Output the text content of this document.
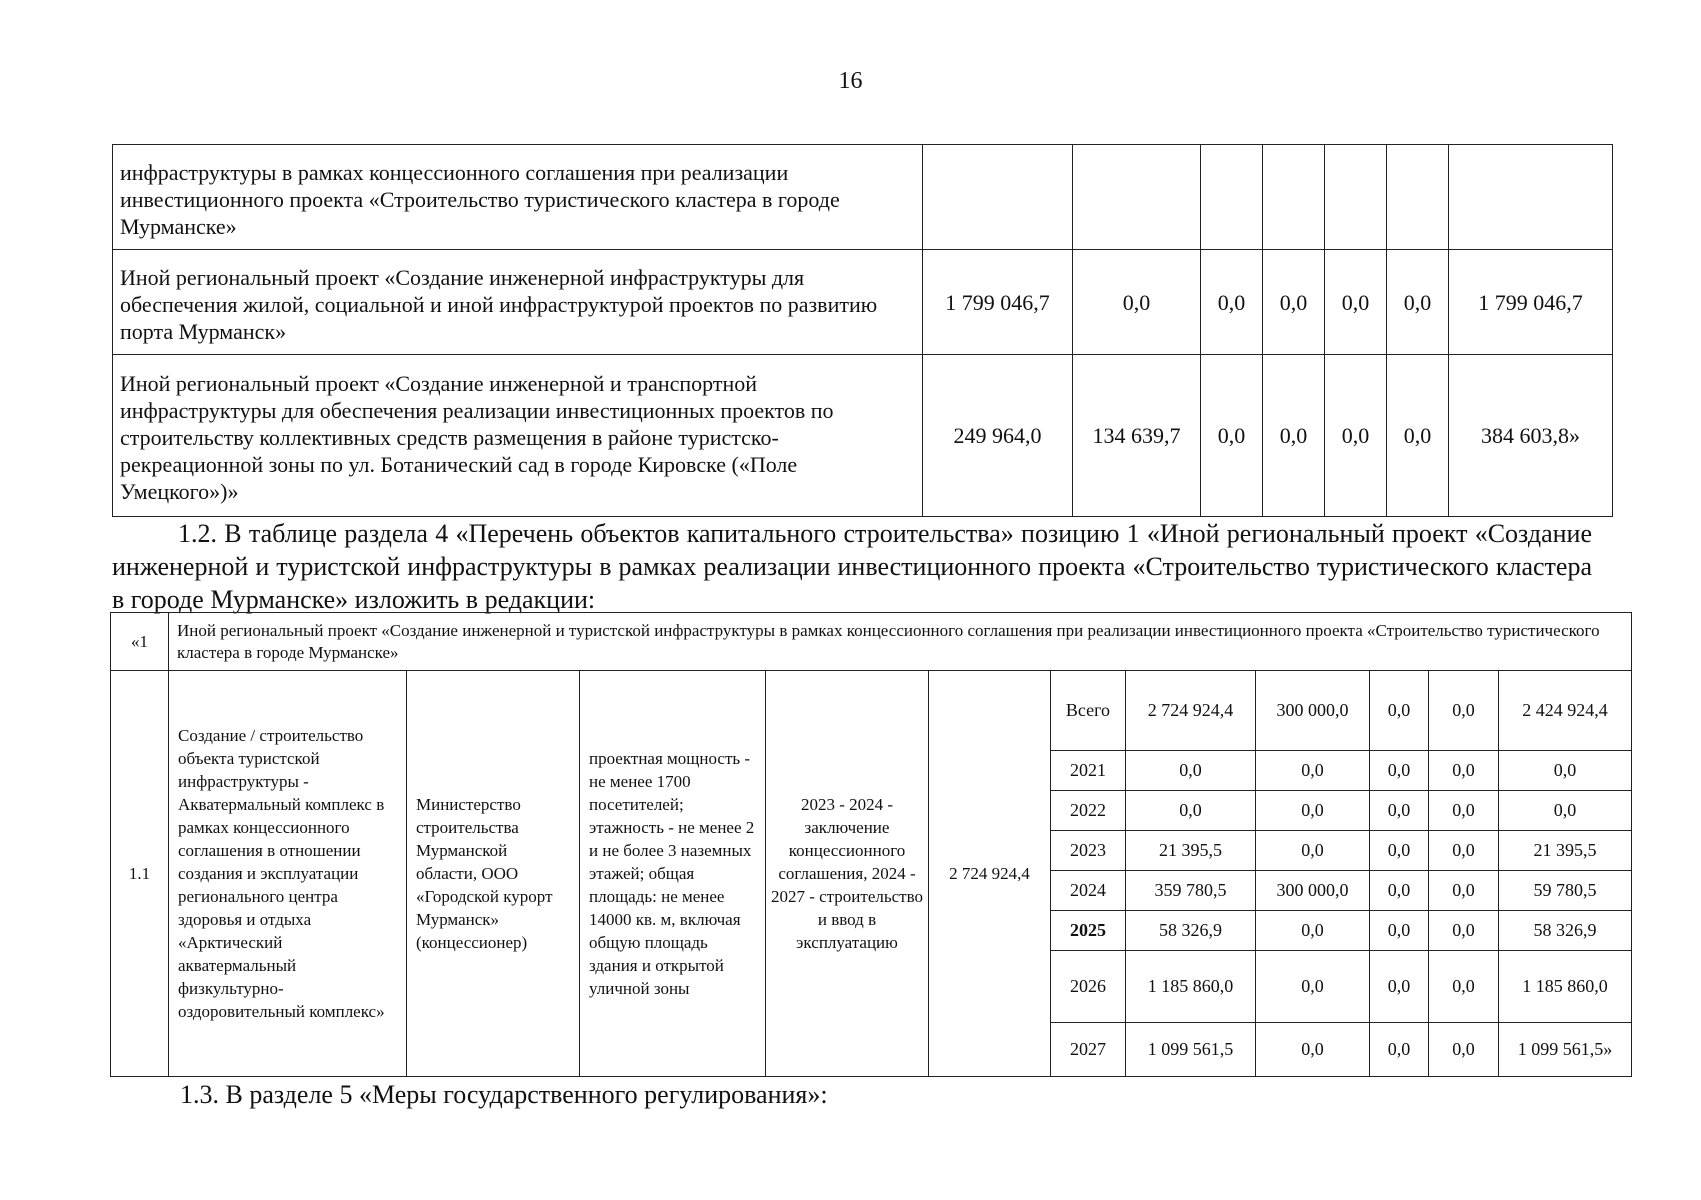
16
инфраструктуры в рамках концессионного соглашения при реализации инвестиционного проекта «Строительство туристического кластера в городе Мурманске»							
Иной региональный проект «Создание инженерной инфраструктуры для обеспечения жилой, социальной и иной инфраструктурой проектов по развитию порта Мурманск»	1 799 046,7	0,0	0,0	0,0	0,0	0,0	1 799 046,7
Иной региональный проект «Создание инженерной и транспортной инфраструктуры для обеспечения реализации инвестиционных проектов по строительству коллективных средств размещения в районе туристско-рекреационной зоны по ул. Ботанический сад в городе Кировске («Поле Умецкого»)»	249 964,0	134 639,7	0,0	0,0	0,0	0,0	384 603,8»
1.2. В таблице раздела 4 «Перечень объектов капитального строительства» позицию 1 «Иной региональный проект «Создание инженерной и туристской инфраструктуры в рамках реализации инвестиционного проекта «Строительство туристического кластера в городе Мурманске» изложить в редакции:
«1	Иной региональный проект «Создание инженерной и туристской инфраструктуры в рамках концессионного соглашения при реализации инвестиционного проекта «Строительство туристического кластера в городе Мурманске»										
1.1	Создание / строительство объекта туристской инфраструктуры - Акватермальный комплекс в рамках концессионного соглашения в отношении создания и эксплуатации регионального центра здоровья и отдыха «Арктический акватермальный физкультурно-оздоровительный комплекс»	Министерство строительства Мурманской области, ООО «Городской курорт Мурманск» (концессионер)	проектная мощность - не менее 1700 посетителей; этажность - не менее 2 и не более 3 наземных этажей; общая площадь: не менее 14000 кв. м, включая общую площадь здания и открытой уличной зоны	2023 - 2024 - заключение концессионного соглашения, 2024 - 2027 - строительство и ввод в эксплуатацию	2 724 924,4	Всего	2 724 924,4	300 000,0	0,0	0,0	2 424 924,4
						2021	0,0	0,0	0,0	0,0	0,0
						2022	0,0	0,0	0,0	0,0	0,0
						2023	21 395,5	0,0	0,0	0,0	21 395,5
						2024	359 780,5	300 000,0	0,0	0,0	59 780,5
						2025	58 326,9	0,0	0,0	0,0	58 326,9
						2026	1 185 860,0	0,0	0,0	0,0	1 185 860,0
						2027	1 099 561,5	0,0	0,0	0,0	1 099 561,5»
1.3. В разделе 5 «Меры государственного регулирования»:
